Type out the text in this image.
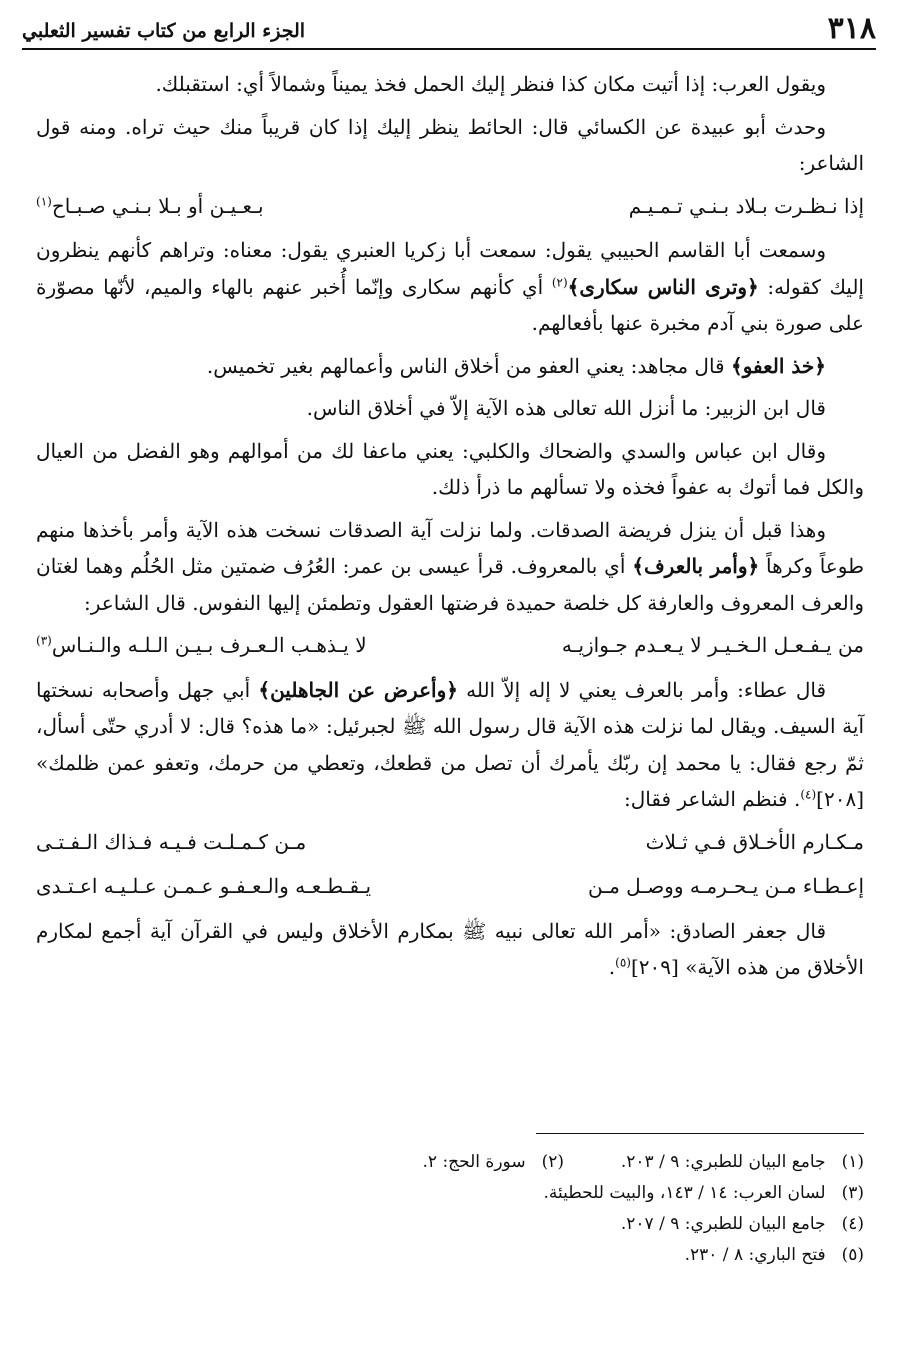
٣١٨
الجزء الرابع من كتاب تفسير الثعلبي

ويقول العرب: إذا أتيت مكان كذا فنظر إليك الحمل فخذ يميناً وشمالاً أي: استقبلك.

وحدث أبو عبيدة عن الكسائي قال: الحائط ينظر إليك إذا كان قريباً منك حيث تراه. ومنه قول الشاعر:

إذا نـظـرت بـلاد بـنـي تـمـيـم
بـعـيـن أو بـلا بـنـي صـبـاح$^{(١)}$

وسمعت أبا القاسم الحبيبي يقول: سمعت أبا زكريا العنبري يقول: معناه: وتراهم كأنهم ينظرون إليك كقوله: ﴿وترى الناس سكارى﴾$^{(٢)}$ أي كأنهم سكارى وإنّما أُخبر عنهم بالهاء والميم، لأنّها مصوّرة على صورة بني آدم مخبرة عنها بأفعالهم.

﴿خذ العفو﴾ قال مجاهد: يعني العفو من أخلاق الناس وأعمالهم بغير تخميس.

قال ابن الزبير: ما أنزل الله تعالى هذه الآية إلاّ في أخلاق الناس.

وقال ابن عباس والسدي والضحاك والكلبي: يعني ماعفا لك من أموالهم وهو الفضل من العيال والكل فما أتوك به عفواً فخذه ولا تسألهم ما ذرأ ذلك.

وهذا قبل أن ينزل فريضة الصدقات. ولما نزلت آية الصدقات نسخت هذه الآية وأمر بأخذها منهم طوعاً وكرهاً ﴿وأمر بالعرف﴾ أي بالمعروف. قرأ عيسى بن عمر: العُرُف ضمتين مثل الحُلُم وهما لغتان والعرف المعروف والعارفة كل خلصة حميدة فرضتها العقول وتطمئن إليها النفوس. قال الشاعر:

من يـفـعـل الـخـيـر لا يـعـدم جـوازيـه
لا يـذهـب الـعـرف بـيـن الـلـه والـنـاس$^{(٣)}$

قال عطاء: وأمر بالعرف يعني لا إله إلاّ الله ﴿وأعرض عن الجاهلين﴾ أبي جهل وأصحابه نسختها آية السيف. ويقال لما نزلت هذه الآية قال رسول الله ﷺ لجبرئيل: «ما هذه؟ قال: لا أدري حتّى أسأل، ثمّ رجع فقال: يا محمد إن ربّك يأمرك أن تصل من قطعك، وتعطي من حرمك، وتعفو عمن ظلمك» [٢٠٨]$^{(٤)}$. فنظم الشاعر فقال:

مـكـارم الأخـلاق فـي ثـلاث
مـن كـمـلـت فـيـه فـذاك الـفـتـى
إعـطـاء مـن يـحـرمـه ووصـل مـن
يـقـطـعـه والـعـفـو عـمـن عـلـيـه اعـتـدى

قال جعفر الصادق: «أمر الله تعالى نبيه ﷺ بمكارم الأخلاق وليس في القرآن آية أجمع لمكارم الأخلاق من هذه الآية» [٢٠٩]$^{(٥)}$.

(١)
جامع البيان للطبري: ٩ / ٢٠٣.
(٢)
سورة الحج: ٢.
(٣)
لسان العرب: ١٤ / ١٤٣، والبيت للحطيئة.
(٤)
جامع البيان للطبري: ٩ / ٢٠٧.
(٥)
فتح الباري: ٨ / ٢٣٠.
